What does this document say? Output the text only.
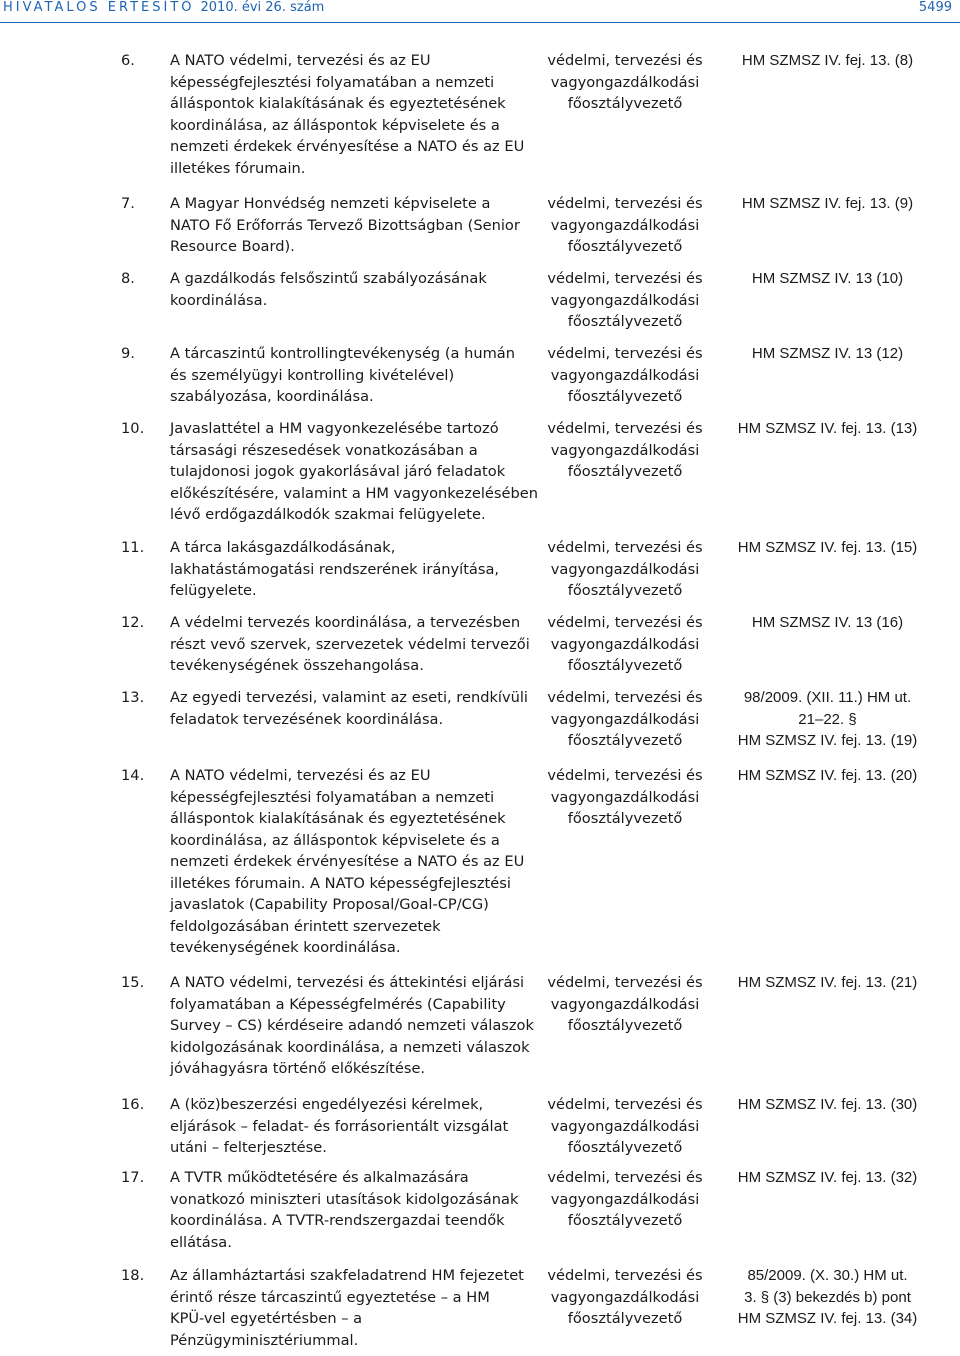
HIVATALOS ÉRTESÍTŐ 2010. évi 26. szám	5499
6. A NATO védelmi, tervezési és az EU
képességfejlesztési folyamatában a nemzeti
álláspontok kialakításának és egyeztetésének
koordinálása, az álláspontok képviselete és a
nemzeti érdekek érvényesítése a NATO és az EU
illetékes fórumain.
védelmi, tervezési és
vagyongazdálkodási
főosztályvezető
HM SZMSZ IV. fej. 13. (8)
7. A Magyar Honvédség nemzeti képviselete a
NATO Fő Erőforrás Tervező Bizottságban (Senior
Resource Board).
védelmi, tervezési és
vagyongazdálkodási
főosztályvezető
HM SZMSZ IV. fej. 13. (9)
8. A gazdálkodás felsőszintű szabályozásának
koordinálása.
védelmi, tervezési és
vagyongazdálkodási
főosztályvezető
HM SZMSZ IV. 13 (10)
9. A tárcaszintű kontrollingtevékenység (a humán
és személyügyi kontrolling kivételével)
szabályozása, koordinálása.
védelmi, tervezési és
vagyongazdálkodási
főosztályvezető
HM SZMSZ IV. 13 (12)
10. Javaslattétel a HM vagyonkezelésébe tartozó
társasági részesedések vonatkozásában a
tulajdonosi jogok gyakorlásával járó feladatok
előkészítésére, valamint a HM vagyonkezelésében
lévő erdőgazdálkodók szakmai felügyelete.
védelmi, tervezési és
vagyongazdálkodási
főosztályvezető
HM SZMSZ IV. fej. 13. (13)
11. A tárca lakásgazdálkodásának,
lakhatástámogatási rendszerének irányítása,
felügyelete.
védelmi, tervezési és
vagyongazdálkodási
főosztályvezető
HM SZMSZ IV. fej. 13. (15)
12. A védelmi tervezés koordinálása, a tervezésben
részt vevő szervek, szervezetek védelmi tervezői
tevékenységének összehangolása.
védelmi, tervezési és
vagyongazdálkodási
főosztályvezető
HM SZMSZ IV. 13 (16)
13. Az egyedi tervezési, valamint az eseti, rendkívüli
feladatok tervezésének koordinálása.
védelmi, tervezési és
vagyongazdálkodási
főosztályvezető
98/2009. (XII. 11.) HM ut.
21–22. §
HM SZMSZ IV. fej. 13. (19)
14. A NATO védelmi, tervezési és az EU
képességfejlesztési folyamatában a nemzeti
álláspontok kialakításának és egyeztetésének
koordinálása, az álláspontok képviselete és a
nemzeti érdekek érvényesítése a NATO és az EU
illetékes fórumain. A NATO képességfejlesztési
javaslatok (Capability Proposal/Goal-CP/CG)
feldolgozásában érintett szervezetek
tevékenységének koordinálása.
védelmi, tervezési és
vagyongazdálkodási
főosztályvezető
HM SZMSZ IV. fej. 13. (20)
15. A NATO védelmi, tervezési és áttekintési eljárási
folyamatában a Képességfelmérés (Capability
Survey – CS) kérdéseire adandó nemzeti válaszok
kidolgozásának koordinálása, a nemzeti válaszok
jóváhagyásra történő előkészítése.
védelmi, tervezési és
vagyongazdálkodási
főosztályvezető
HM SZMSZ IV. fej. 13. (21)
16. A (köz)beszerzési engedélyezési kérelmek,
eljárások – feladat- és forrásorientált vizsgálat
utáni – felterjesztése.
védelmi, tervezési és
vagyongazdálkodási
főosztályvezető
HM SZMSZ IV. fej. 13. (30)
17. A TVTR működtetésére és alkalmazására
vonatkozó miniszteri utasítások kidolgozásának
koordinálása. A TVTR-rendszergazdai teendők
ellátása.
védelmi, tervezési és
vagyongazdálkodási
főosztályvezető
HM SZMSZ IV. fej. 13. (32)
18. Az államháztartási szakfeladatrend HM fejezetet
érintő része tárcaszintű egyeztetése – a HM
KPÜ-vel egyetértésben – a
Pénzügyminisztériummal.
védelmi, tervezési és
vagyongazdálkodási
főosztályvezető
85/2009. (X. 30.) HM ut.
3. § (3) bekezdés b) pont
HM SZMSZ IV. fej. 13. (34)
